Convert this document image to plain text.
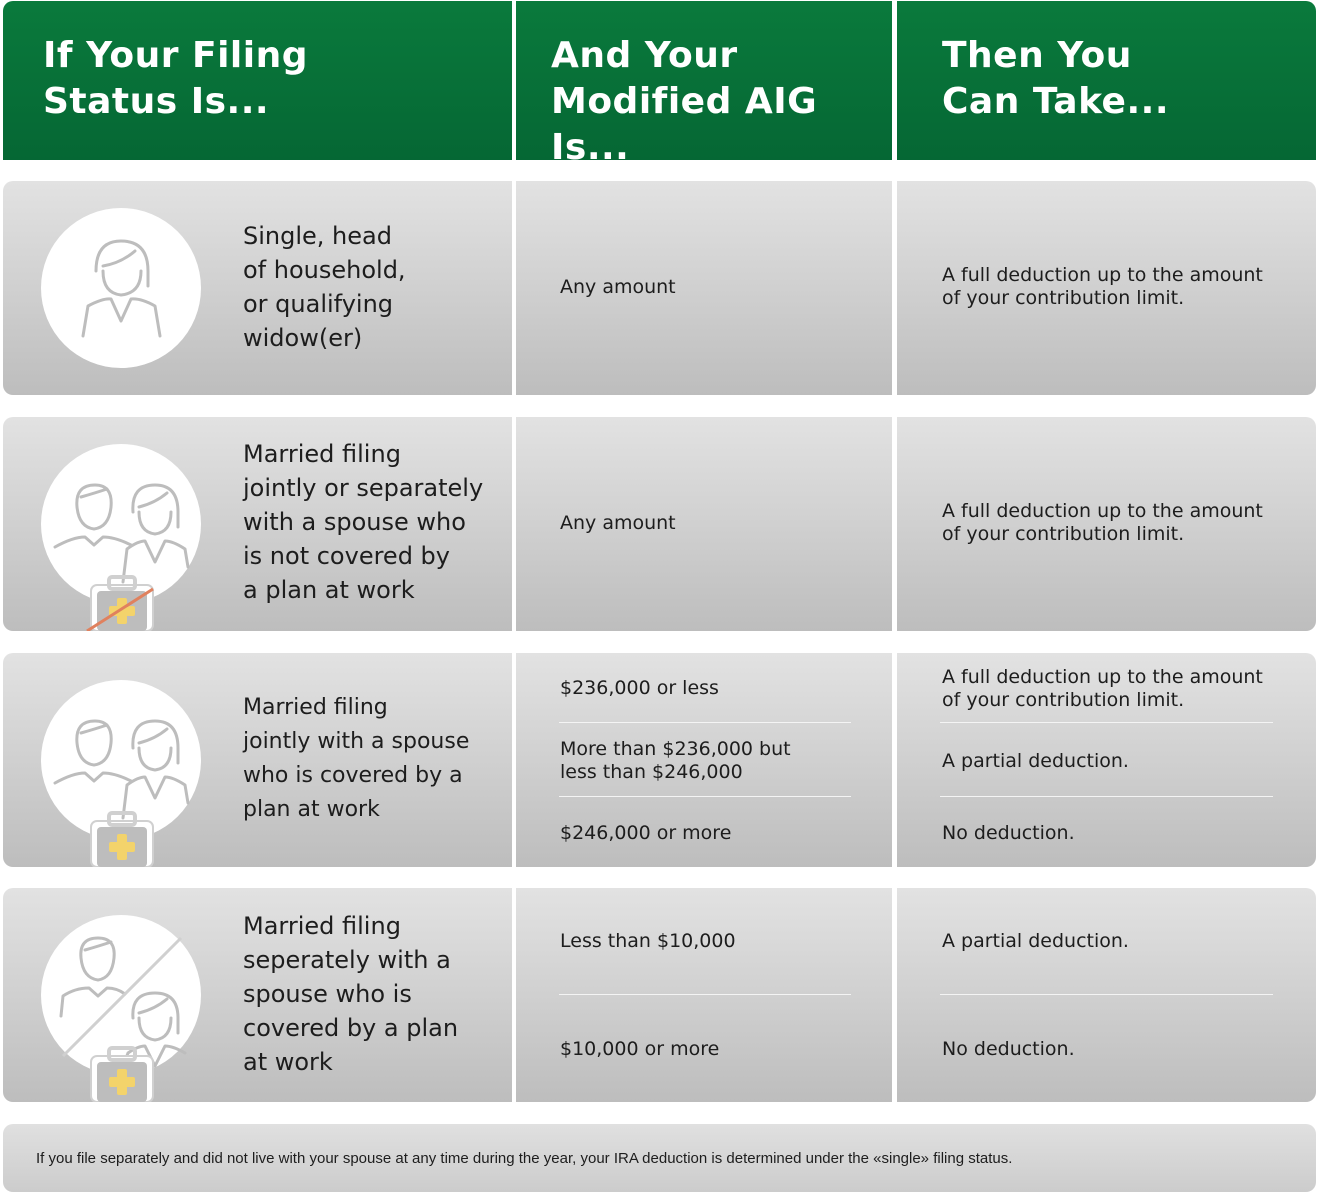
If Your Filing
Status Is...
And Your
Modified AIG Is...
Then You
Can Take...
Single, head
of household,
or qualifying
widow(er)
Any amount
A full deduction up to the amount
of your contribution limit.
Married filing
jointly or separately
with a spouse who
is not covered by
a plan at work
Any amount
A full deduction up to the amount
of your contribution limit.
Married filing
jointly with a spouse
who is covered by a
plan at work
$236,000 or less
More than $236,000 but
less than $246,000
$246,000 or more
A full deduction up to the amount
of your contribution limit.
A partial deduction.
No deduction.
Married filing
seperately with a
spouse who is
covered by a plan
at work
Less than $10,000
$10,000 or more
A partial deduction.
No deduction.
If you file separately and did not live with your spouse at any time during the year, your IRA deduction is determined under the «single» filing status.
